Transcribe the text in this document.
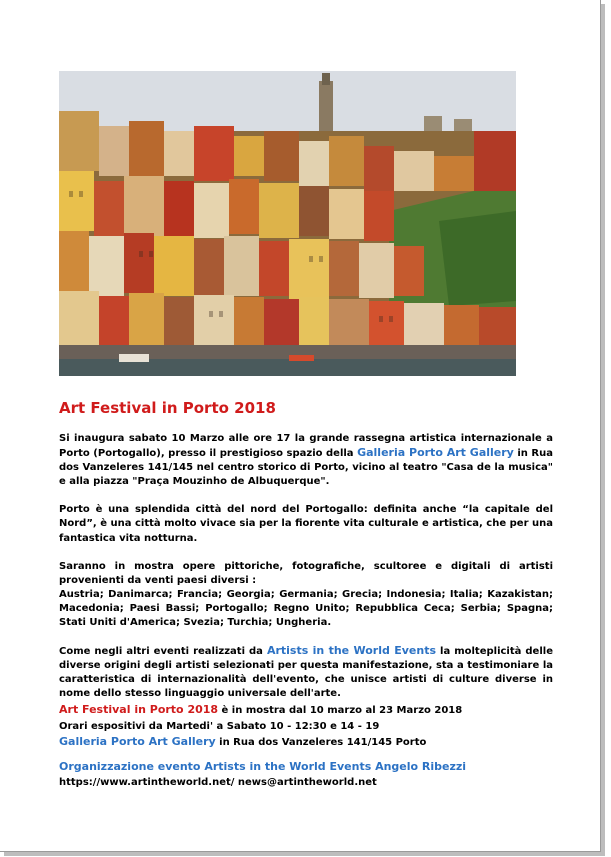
Art Festival in Porto 2018

Si inaugura sabato 10 Marzo alle ore 17 la grande rassegna artistica internazionale a Porto (Portogallo), presso il prestigioso spazio della Galleria Porto Art Gallery in Rua dos Vanzeleres 141/145 nel centro storico di Porto, vicino al teatro "Casa de la musica" e alla piazza "Praça Mouzinho de Albuquerque".

Porto è una splendida città del nord del Portogallo: definita anche “la capitale del Nord”, è una città molto vivace sia per la fiorente vita culturale e artistica, che per una fantastica vita notturna.

Saranno in mostra opere pittoriche, fotografiche, scultoree e digitali di artisti provenienti da venti paesi diversi :
Austria; Danimarca; Francia; Georgia; Germania; Grecia; Indonesia; Italia; Kazakistan; Macedonia; Paesi Bassi; Portogallo; Regno Unito; Repubblica Ceca; Serbia; Spagna; Stati Uniti d'America; Svezia; Turchia; Ungheria.

Come negli altri eventi realizzati da Artists in the World Events la molteplicità delle diverse origini degli artisti selezionati per questa manifestazione, sta a testimoniare la caratteristica di internazionalità dell'evento, che unisce artisti di culture diverse in nome dello stesso linguaggio universale dell'arte.

Art Festival in Porto 2018 è in mostra dal 10 marzo al 23 Marzo 2018
Orari espositivi da Martedi' a Sabato 10 - 12:30 e 14 - 19
Galleria Porto Art Gallery in Rua dos Vanzeleres 141/145 Porto
Organizzazione evento Artists in the World Events Angelo Ribezzi
https://www.artintheworld.net/ news@artintheworld.net
